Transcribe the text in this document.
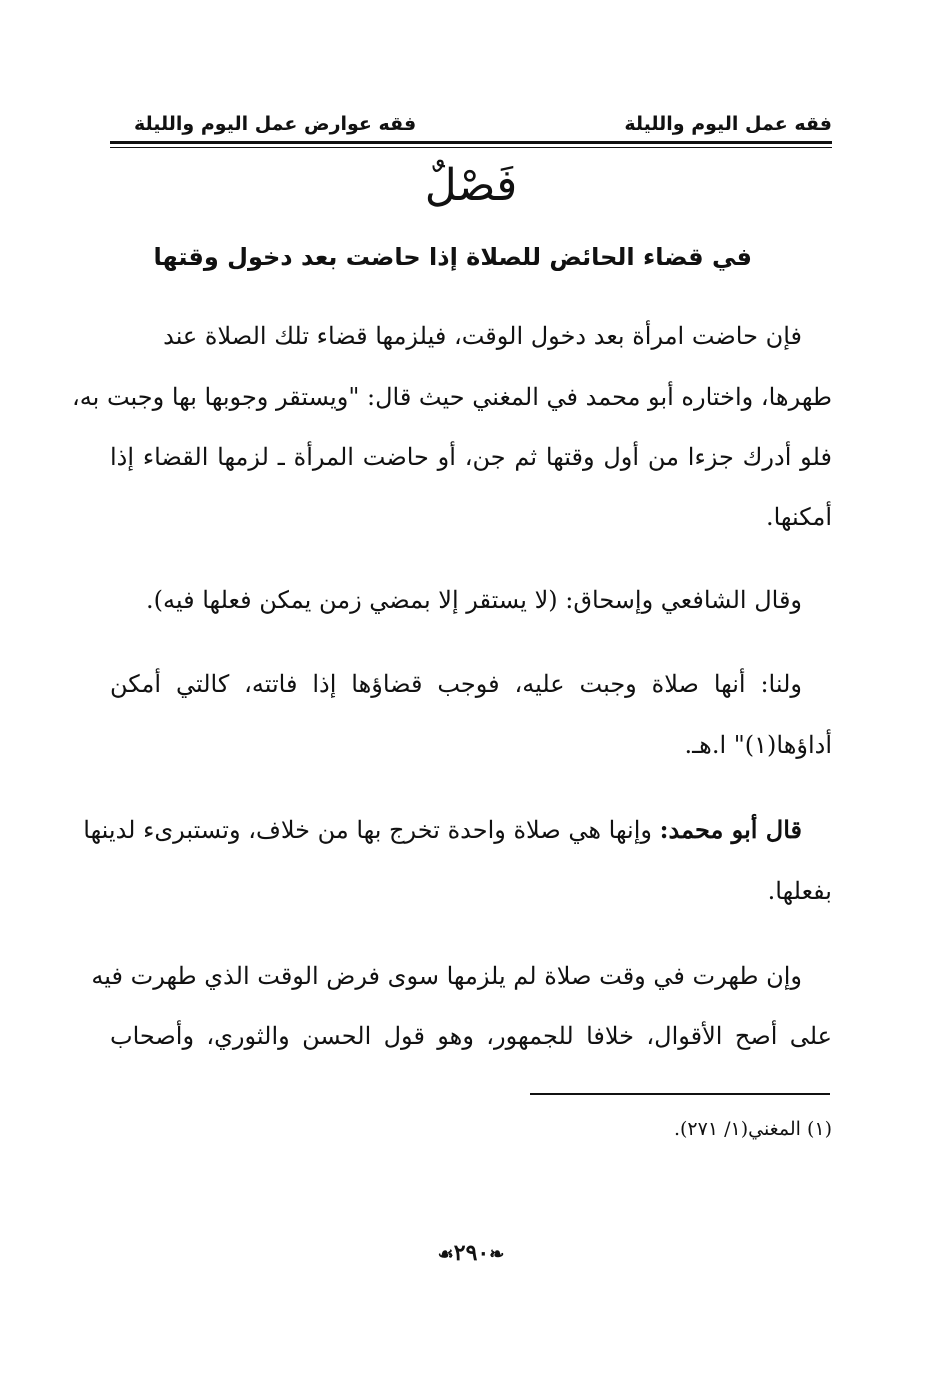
فقه عمل اليوم والليلة
فقه عوارض عمل اليوم والليلة
فَصْلٌ
في قضاء الحائض للصلاة إذا حاضت بعد دخول وقتها
فإن حاضت امرأة بعد دخول الوقت، فيلزمها قضاء تلك الصلاة عند
طهرها، واختاره أبو محمد في المغني حيث قال: "ويستقر وجوبها بها وجبت به،
فلو أدرك جزءا من أول وقتها ثم جن، أو حاضت المرأة ـ لزمها القضاء إذا
أمكنها.
وقال الشافعي وإسحاق: (لا يستقر إلا بمضي زمن يمكن فعلها فيه).
ولنا: أنها صلاة وجبت عليه، فوجب قضاؤها إذا فاتته، كالتي أمكن
أداؤها(١)" ا.هـ.
قال أبو محمد: وإنها هي صلاة واحدة تخرج بها من خلاف، وتستبرىء لدينها
بفعلها.
وإن طهرت في وقت صلاة لم يلزمها سوى فرض الوقت الذي طهرت فيه
على أصح الأقوال، خلافا للجمهور، وهو قول الحسن والثوري، وأصحاب
(١) المغني(١/ ٢٧١).
❧٢٩٠☙
